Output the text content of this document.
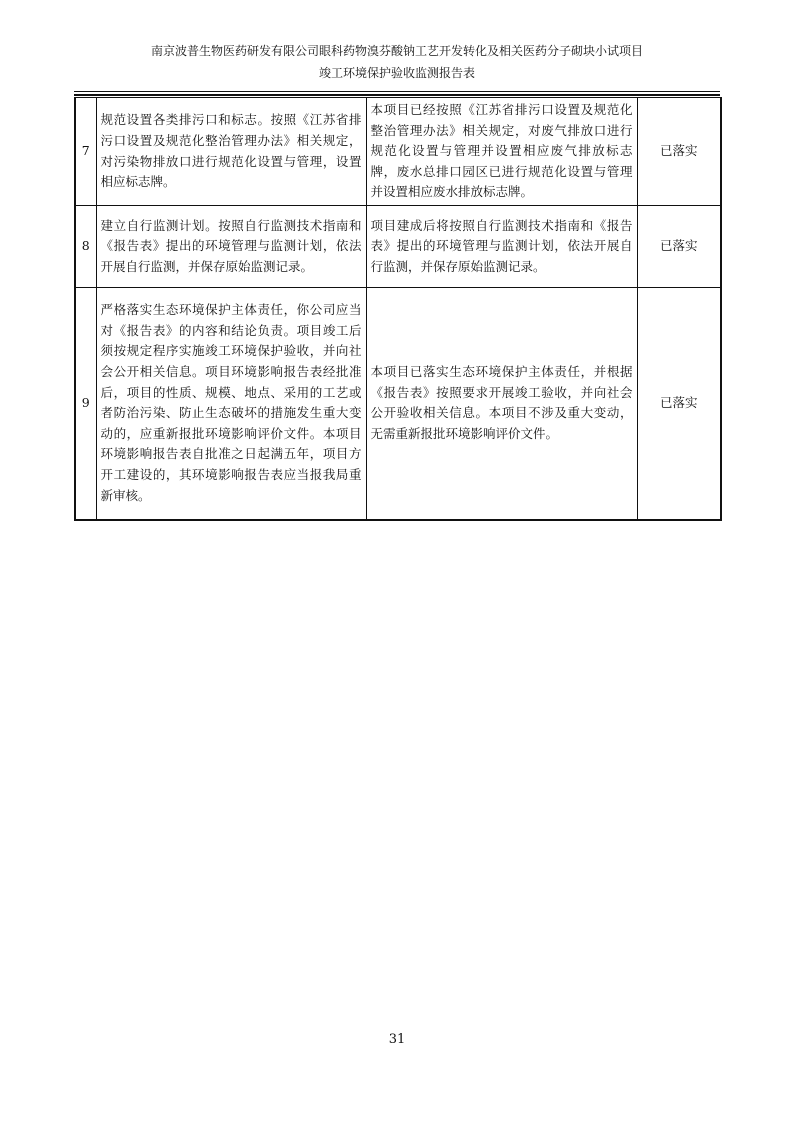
南京波普生物医药研发有限公司眼科药物溴芬酸钠工艺开发转化及相关医药分子砌块小试项目
竣工环境保护验收监测报告表
7	规范设置各类排污口和标志。按照《江苏省排污口设置及规范化整治管理办法》相关规定，对污染物排放口进行规范化设置与管理，设置相应标志牌。	本项目已经按照《江苏省排污口设置及规范化整治管理办法》相关规定，对废气排放口进行规范化设置与管理并设置相应废气排放标志牌，废水总排口园区已进行规范化设置与管理并设置相应废水排放标志牌。	已落实
8	建立自行监测计划。按照自行监测技术指南和《报告表》提出的环境管理与监测计划，依法开展自行监测，并保存原始监测记录。	项目建成后将按照自行监测技术指南和《报告表》提出的环境管理与监测计划，依法开展自行监测，并保存原始监测记录。	已落实
9	严格落实生态环境保护主体责任，你公司应当对《报告表》的内容和结论负责。项目竣工后须按规定程序实施竣工环境保护验收，并向社会公开相关信息。项目环境影响报告表经批准后，项目的性质、规模、地点、采用的工艺或者防治污染、防止生态破坏的措施发生重大变动的，应重新报批环境影响评价文件。本项目环境影响报告表自批准之日起满五年，项目方开工建设的，其环境影响报告表应当报我局重新审核。	本项目已落实生态环境保护主体责任，并根据《报告表》按照要求开展竣工验收，并向社会公开验收相关信息。本项目不涉及重大变动，无需重新报批环境影响评价文件。	已落实
31
